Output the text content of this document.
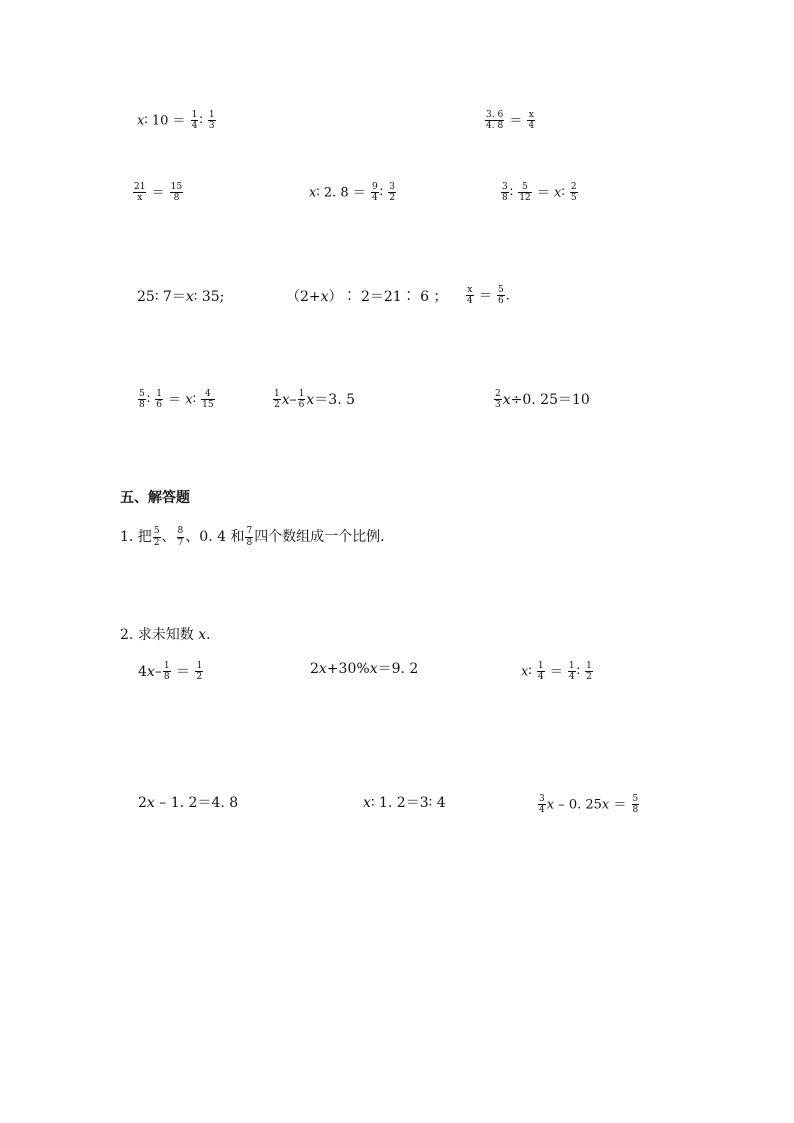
x∶ $10 = \frac{1}{4}$ ∶ $\frac{1}{3}$	$\frac{3. 6}{4. 8} = \frac{x}{4}$
$\frac{21}{x} = \frac{15}{8}$	x∶ 2. $8 = \frac{9}{4}$ ∶ $\frac{3}{2}$	$\frac{3}{8}$ ∶ $\frac{5}{12}$ ＝ x∶ $\frac{2}{5}$
25∶ 7＝x∶ 35;	（2+x）∶ 2＝21∶ 6 ； $\frac{x}{4} = \frac{5}{6}$ .
$\frac{5}{8}$ ∶ $\frac{1}{6}$ ＝ x∶ $\frac{4}{15}$	$\frac{1}{2} x- \frac{1}{6} x=3$. 5	$\frac{2}{3} x\div 0$. 25＝10
五、解答题
1. 把 $\frac{5}{2}$ 、 $\frac{8}{7}$ 、0. 4 和 $\frac{7}{8}$ 四个数组成一个比例.
2. 求未知数 x.
$4x- \frac{1}{8} = \frac{1}{2}$	2x+30%x＝9. 2	x∶ $\frac{1}{4} = \frac{1}{4}$ ∶ $\frac{1}{2}$
2x – 1. 2＝4. 8	x∶ 1. 2＝3∶ 4	$\frac{3}{4}$ x – 0. $25x = \frac{5}{8}$
